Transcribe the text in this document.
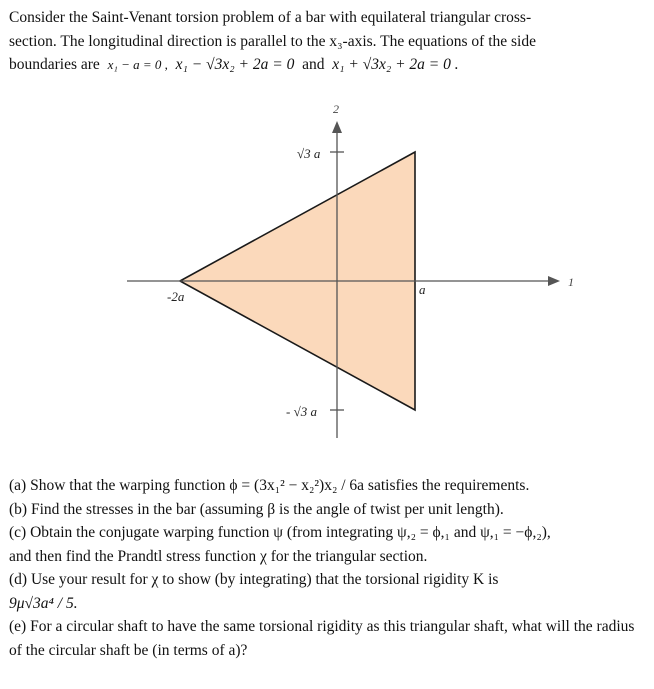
Consider the Saint-Venant torsion problem of a bar with equilateral triangular cross-
section. The longitudinal direction is parallel to the x₃-axis. The equations of the side
boundaries are x₁ − a = 0 , x₁ − √3x₂ + 2a = 0 and x₁ + √3x₂ + 2a = 0 .
2
1
√3 a
- √3 a
-2a	a
(a) Show that the warping function ϕ = (3x₁² − x₂²)x₂ / 6a satisfies the requirements.
(b) Find the stresses in the bar (assuming β is the angle of twist per unit length).
(c) Obtain the conjugate warping function ψ (from integrating ψ,₂ = ϕ,₁ and ψ,₁ = −ϕ,₂),
and then find the Prandtl stress function χ for the triangular section.
(d) Use your result for χ to show (by integrating) that the torsional rigidity K is
9μ√3a⁴ / 5.
(e) For a circular shaft to have the same torsional rigidity as this triangular shaft, what will the radius of the circular shaft be (in terms of a)?
